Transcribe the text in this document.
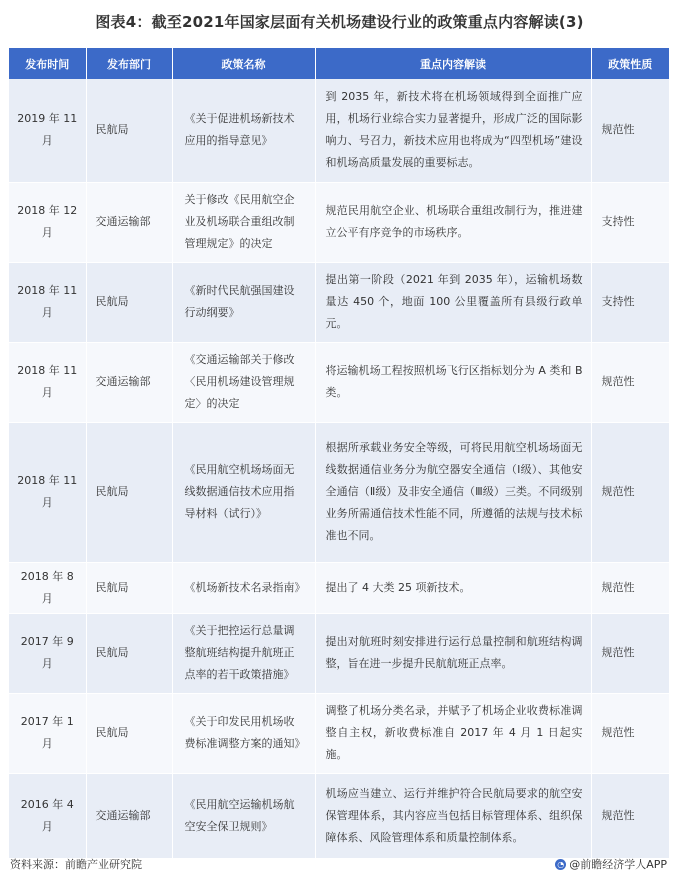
图表4：截至2021年国家层面有关机场建设行业的政策重点内容解读(3)
发布时间	发布部门	政策名称	重点内容解读	政策性质
2019 年 11 月	民航局	《关于促进机场新技术应用的指导意见》	到 2035 年，新技术将在机场领域得到全面推广应用，机场行业综合实力显著提升，形成广泛的国际影响力、号召力，新技术应用也将成为“四型机场”建设和机场高质量发展的重要标志。	规范性
2018 年 12 月	交通运输部	关于修改《民用航空企业及机场联合重组改制管理规定》的决定	规范民用航空企业、机场联合重组改制行为，推进建立公平有序竞争的市场秩序。	支持性
2018 年 11 月	民航局	《新时代民航强国建设行动纲要》	提出第一阶段（2021 年到 2035 年），运输机场数量达 450 个，地面 100 公里覆盖所有县级行政单元。	支持性
2018 年 11 月	交通运输部	《交通运输部关于修改〈民用机场建设管理规定〉的决定	将运输机场工程按照机场飞行区指标划分为 A 类和 B 类。	规范性
2018 年 11 月	民航局	《民用航空机场场面无线数据通信技术应用指导材料（试行）》	根据所承载业务安全等级，可将民用航空机场场面无线数据通信业务分为航空器安全通信（Ⅰ级）、其他安全通信（Ⅱ级）及非安全通信（Ⅲ级）三类。不同级别业务所需通信技术性能不同，所遵循的法规与技术标准也不同。	规范性
2018 年 8 月	民航局	《机场新技术名录指南》	提出了 4 大类 25 项新技术。	规范性
2017 年 9 月	民航局	《关于把控运行总量调整航班结构提升航班正点率的若干政策措施》	提出对航班时刻安排进行运行总量控制和航班结构调整，旨在进一步提升民航航班正点率。	规范性
2017 年 1 月	民航局	《关于印发民用机场收费标准调整方案的通知》	调整了机场分类名录，并赋予了机场企业收费标准调整自主权，新收费标准自 2017 年 4 月 1 日起实施。	规范性
2016 年 4 月	交通运输部	《民用航空运输机场航空安全保卫规则》	机场应当建立、运行并维护符合民航局要求的航空安保管理体系，其内容应当包括目标管理体系、组织保障体系、风险管理体系和质量控制体系。	规范性
资料来源：前瞻产业研究院	◔ @前瞻经济学人APP
